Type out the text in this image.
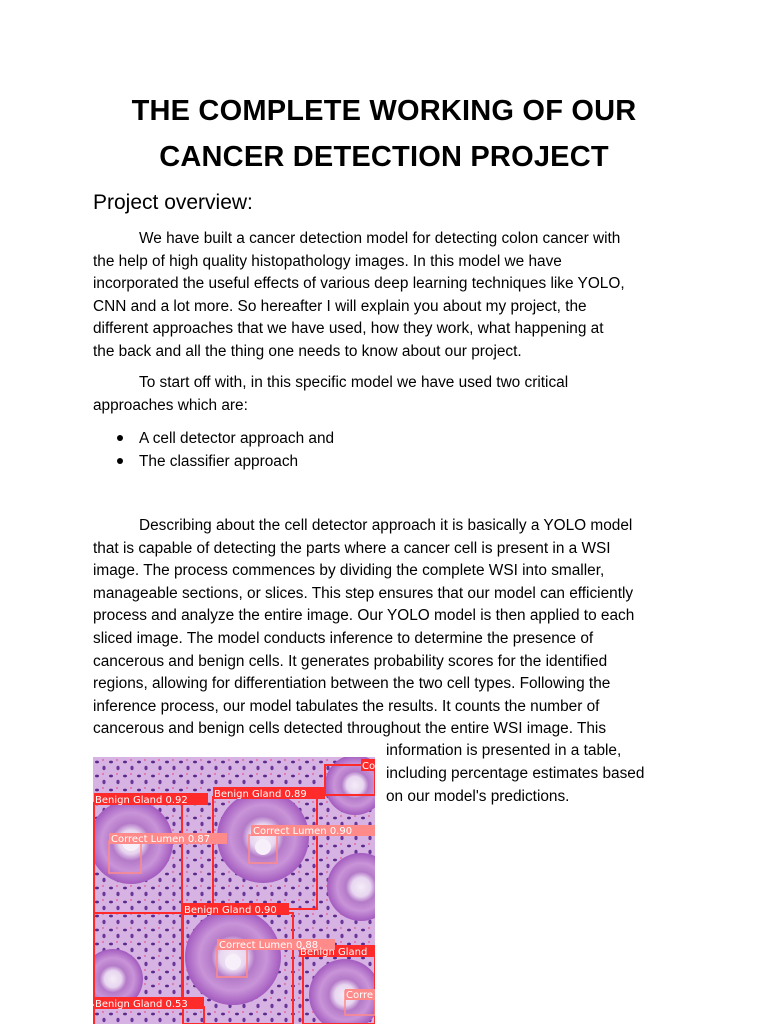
THE COMPLETE WORKING OF OUR
CANCER DETECTION PROJECT
Project overview:

We have built a cancer detection model for detecting colon cancer with
the help of high quality histopathology images. In this model we have
incorporated the useful effects of various deep learning techniques like YOLO,
CNN and a lot more. So hereafter I will explain you about my project, the
different approaches that we have used, how they work, what happening at
the back and all the thing one needs to know about our project.

To start off with, in this specific model we have used two critical
approaches which are:

A cell detector approach and
The classifier approach

Describing about the cell detector approach it is basically a YOLO model
that is capable of detecting the parts where a cancer cell is present in a WSI
image. The process commences by dividing the complete WSI into smaller,
manageable sections, or slices. This step ensures that our model can efficiently
process and analyze the entire image. Our YOLO model is then applied to each
sliced image. The model conducts inference to determine the presence of
cancerous and benign cells. It generates probability scores for the identified
regions, allowing for differentiation between the two cell types. Following the
inference process, our model tabulates the results. It counts the number of
cancerous and benign cells detected throughout the entire WSI image. This

information is presented in a table,
including percentage estimates based
on our model's predictions.
Benign Gland 0.92
Benign Gland 0.89
Benign Gland 0.90
Benign Gland 0.53
Benign Gland
Correct Lumen 0.87
Correct Lumen 0.90
Correct Lumen 0.88
Corre
Co
